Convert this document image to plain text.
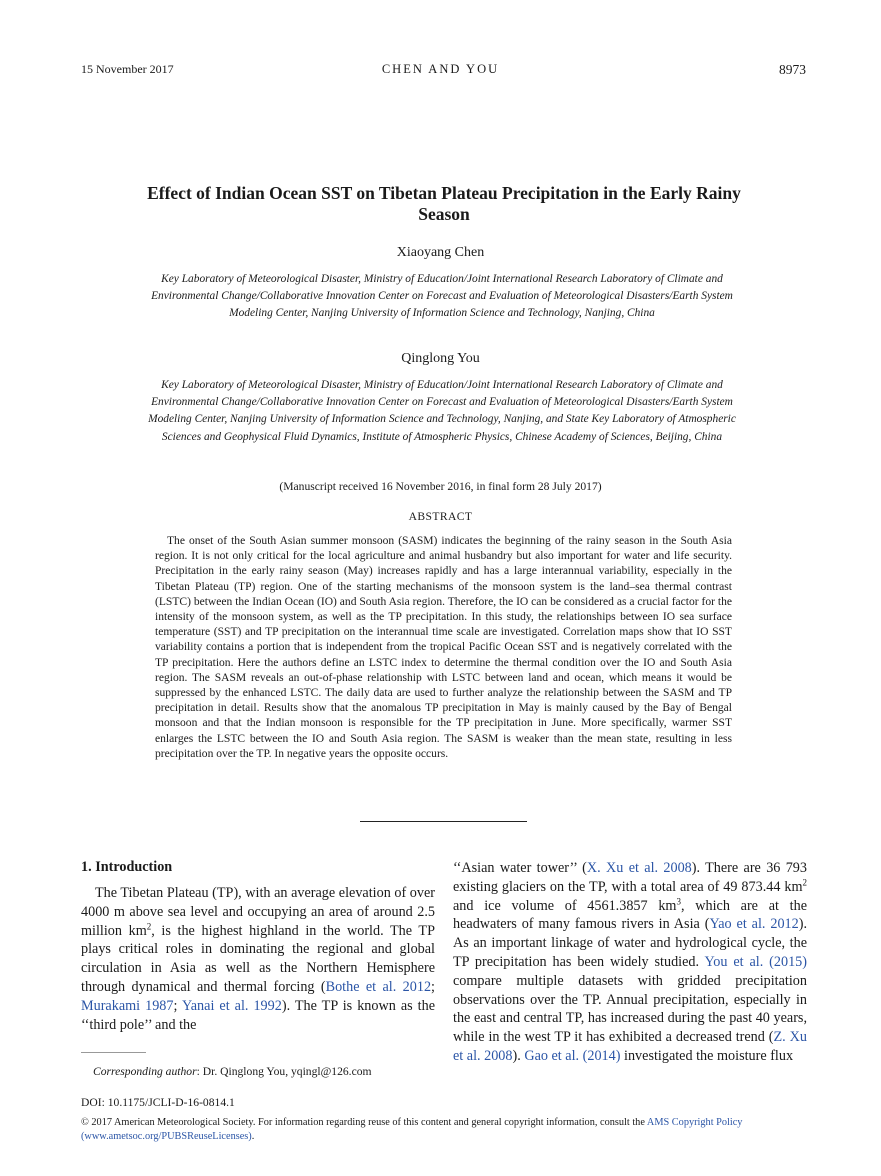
15 November 2017	CHEN AND YOU	8973
Effect of Indian Ocean SST on Tibetan Plateau Precipitation in the Early Rainy Season
Xiaoyang Chen
Key Laboratory of Meteorological Disaster, Ministry of Education/Joint International Research Laboratory of Climate and Environmental Change/Collaborative Innovation Center on Forecast and Evaluation of Meteorological Disasters/Earth System Modeling Center, Nanjing University of Information Science and Technology, Nanjing, China
Qinglong You
Key Laboratory of Meteorological Disaster, Ministry of Education/Joint International Research Laboratory of Climate and Environmental Change/Collaborative Innovation Center on Forecast and Evaluation of Meteorological Disasters/Earth System Modeling Center, Nanjing University of Information Science and Technology, Nanjing, and State Key Laboratory of Atmospheric Sciences and Geophysical Fluid Dynamics, Institute of Atmospheric Physics, Chinese Academy of Sciences, Beijing, China
(Manuscript received 16 November 2016, in final form 28 July 2017)
ABSTRACT
The onset of the South Asian summer monsoon (SASM) indicates the beginning of the rainy season in the South Asia region. It is not only critical for the local agriculture and animal husbandry but also important for water and life security. Precipitation in the early rainy season (May) increases rapidly and has a large interannual variability, especially in the Tibetan Plateau (TP) region. One of the starting mechanisms of the monsoon system is the land–sea thermal contrast (LSTC) between the Indian Ocean (IO) and South Asia region. Therefore, the IO can be considered as a crucial factor for the intensity of the monsoon system, as well as the TP precipitation. In this study, the relationships between IO sea surface temperature (SST) and TP precipitation on the interannual time scale are investigated. Correlation maps show that IO SST variability contains a portion that is independent from the tropical Pacific Ocean SST and is negatively correlated with the TP precipitation. Here the authors define an LSTC index to determine the thermal condition over the IO and South Asia region. The SASM reveals an out-of-phase relationship with LSTC between land and ocean, which means it would be suppressed by the enhanced LSTC. The daily data are used to further analyze the relationship between the SASM and TP precipitation in detail. Results show that the anomalous TP precipitation in May is mainly caused by the Bay of Bengal monsoon and that the Indian monsoon is responsible for the TP precipitation in June. More specifically, warmer SST enlarges the LSTC between the IO and South Asia region. The SASM is weaker than the mean state, resulting in less precipitation over the TP. In negative years the opposite occurs.
1. Introduction
The Tibetan Plateau (TP), with an average elevation of over 4000 m above sea level and occupying an area of around 2.5 million $km^2$, is the highest highland in the world. The TP plays critical roles in dominating the regional and global circulation in Asia as well as the Northern Hemisphere through dynamical and thermal forcing (Bothe et al. 2012; Murakami 1987; Yanai et al. 1992). The TP is known as the ‘‘third pole’’ and the
‘‘Asian water tower’’ (X. Xu et al. 2008). There are 36 793 existing glaciers on the TP, with a total area of 49 873.44 $km^2$ and ice volume of 4561.3857 $km^3$, which are at the headwaters of many famous rivers in Asia (Yao et al. 2012). As an important linkage of water and hydrological cycle, the TP precipitation has been widely studied. You et al. (2015) compare multiple datasets with gridded precipitation observations over the TP. Annual precipitation, especially in the east and central TP, has increased during the past 40 years, while in the west TP it has exhibited a decreased trend (Z. Xu et al. 2008). Gao et al. (2014) investigated the moisture flux
Corresponding author: Dr. Qinglong You, yqingl@126.com
DOI: 10.1175/JCLI-D-16-0814.1
© 2017 American Meteorological Society. For information regarding reuse of this content and general copyright information, consult the AMS Copyright Policy (www.ametsoc.org/PUBSReuseLicenses).
